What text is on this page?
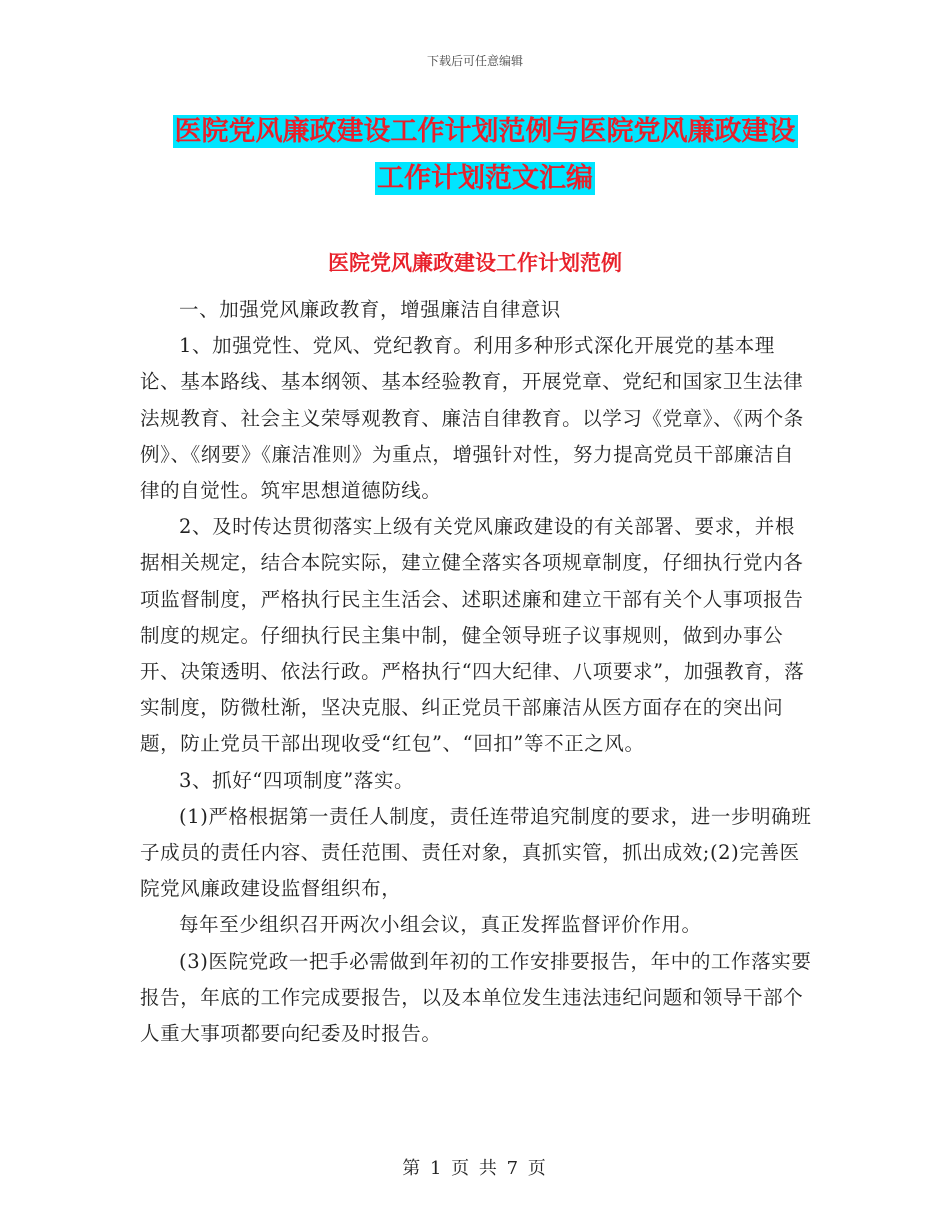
下载后可任意编辑
医院党风廉政建设工作计划范例与医院党风廉政建设
工作计划范文汇编
医院党风廉政建设工作计划范例

一、加强党风廉政教育，增强廉洁自律意识

1、加强党性、党风、党纪教育。利用多种形式深化开展党的基本理论、基本路线、基本纲领、基本经验教育，开展党章、党纪和国家卫生法律法规教育、社会主义荣辱观教育、廉洁自律教育。以学习《党章》、《两个条例》、《纲要》《廉洁准则》为重点，增强针对性，努力提高党员干部廉洁自律的自觉性。筑牢思想道德防线。

2、及时传达贯彻落实上级有关党风廉政建设的有关部署、要求，并根据相关规定，结合本院实际，建立健全落实各项规章制度，仔细执行党内各项监督制度，严格执行民主生活会、述职述廉和建立干部有关个人事项报告制度的规定。仔细执行民主集中制，健全领导班子议事规则，做到办事公开、决策透明、依法行政。严格执行“四大纪律、八项要求”，加强教育，落实制度，防微杜渐，坚决克服、纠正党员干部廉洁从医方面存在的突出问题，防止党员干部出现收受“红包”、“回扣”等不正之风。

3、抓好“四项制度”落实。

(1)严格根据第一责任人制度，责任连带追究制度的要求，进一步明确班子成员的责任内容、责任范围、责任对象，真抓实管，抓出成效;(2)完善医院党风廉政建设监督组织布，

每年至少组织召开两次小组会议，真正发挥监督评价作用。

(3)医院党政一把手必需做到年初的工作安排要报告，年中的工作落实要报告，年底的工作完成要报告，以及本单位发生违法违纪问题和领导干部个人重大事项都要向纪委及时报告。

第 1 页 共 7 页
